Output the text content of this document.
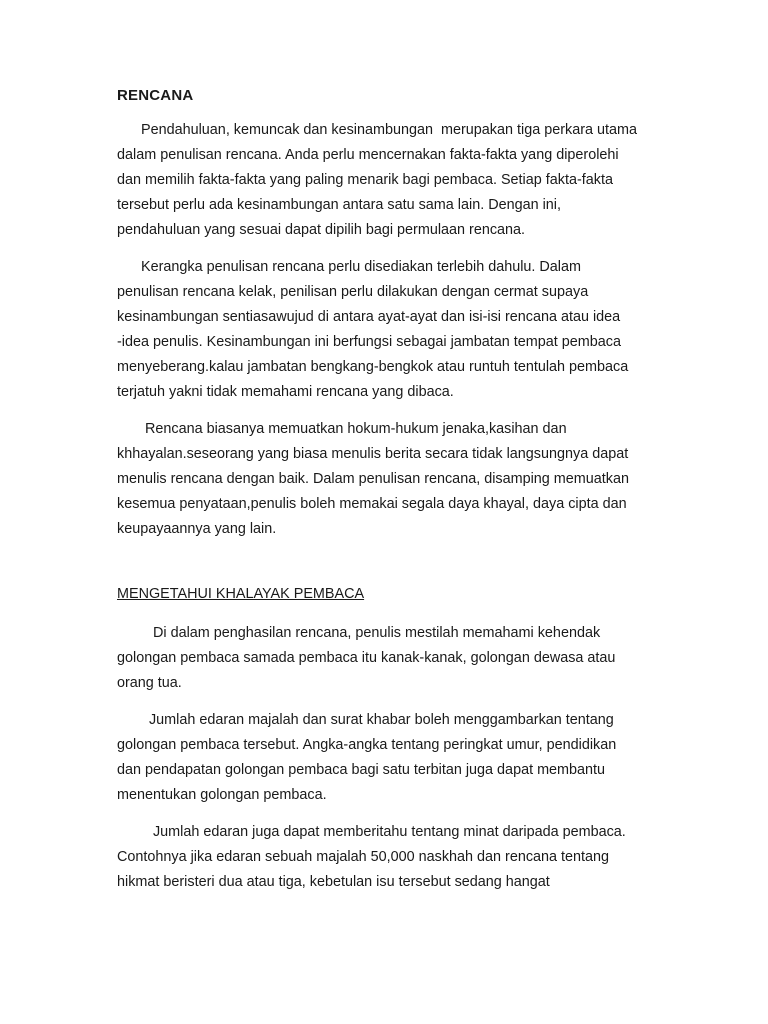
RENCANA
Pendahuluan, kemuncak dan kesinambungan  merupakan tiga perkara utama
dalam penulisan rencana. Anda perlu mencernakan fakta-fakta yang diperolehi
dan memilih fakta-fakta yang paling menarik bagi pembaca. Setiap fakta-fakta
tersebut perlu ada kesinambungan antara satu sama lain. Dengan ini,
pendahuluan yang sesuai dapat dipilih bagi permulaan rencana.
Kerangka penulisan rencana perlu disediakan terlebih dahulu. Dalam
penulisan rencana kelak, penilisan perlu dilakukan dengan cermat supaya
kesinambungan sentiasawujud di antara ayat-ayat dan isi-isi rencana atau idea
-idea penulis. Kesinambungan ini berfungsi sebagai jambatan tempat pembaca
menyeberang.kalau jambatan bengkang-bengkok atau runtuh tentulah pembaca
terjatuh yakni tidak memahami rencana yang dibaca.
Rencana biasanya memuatkan hokum-hukum jenaka,kasihan dan
khhayalan.seseorang yang biasa menulis berita secara tidak langsungnya dapat
menulis rencana dengan baik. Dalam penulisan rencana, disamping memuatkan
kesemua penyataan,penulis boleh memakai segala daya khayal, daya cipta dan
keupayaannya yang lain.
MENGETAHUI KHALAYAK PEMBACA
Di dalam penghasilan rencana, penulis mestilah memahami kehendak
golongan pembaca samada pembaca itu kanak-kanak, golongan dewasa atau
orang tua.
Jumlah edaran majalah dan surat khabar boleh menggambarkan tentang
golongan pembaca tersebut. Angka-angka tentang peringkat umur, pendidikan
dan pendapatan golongan pembaca bagi satu terbitan juga dapat membantu
menentukan golongan pembaca.
Jumlah edaran juga dapat memberitahu tentang minat daripada pembaca.
Contohnya jika edaran sebuah majalah 50,000 naskhah dan rencana tentang
hikmat beristeri dua atau tiga, kebetulan isu tersebut sedang hangat
